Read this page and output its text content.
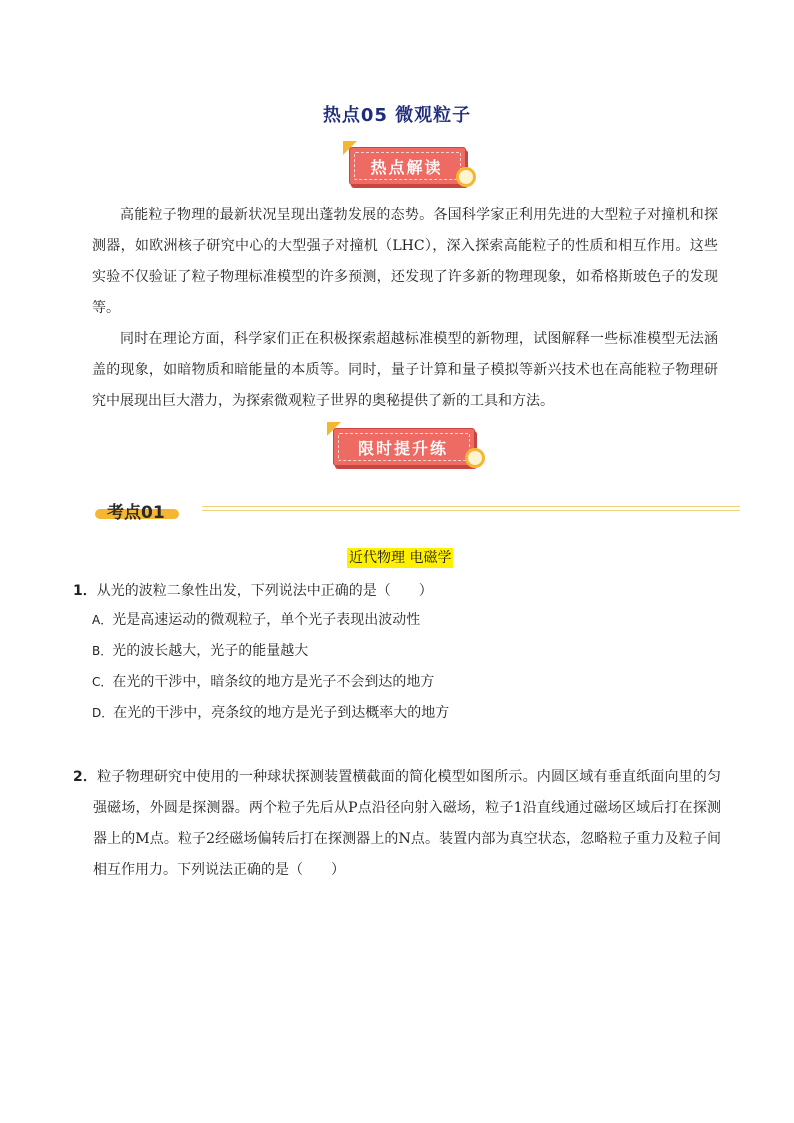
热点05 微观粒子
热点解读

高能粒子物理的最新状况呈现出蓬勃发展的态势。各国科学家正利用先进的大型粒子对撞机和探测器，如欧洲核子研究中心的大型强子对撞机（LHC），深入探索高能粒子的性质和相互作用。这些实验不仅验证了粒子物理标准模型的许多预测，还发现了许多新的物理现象，如希格斯玻色子的发现等。

同时在理论方面，科学家们正在积极探索超越标准模型的新物理，试图解释一些标准模型无法涵盖的现象，如暗物质和暗能量的本质等。同时，量子计算和量子模拟等新兴技术也在高能粒子物理研究中展现出巨大潜力，为探索微观粒子世界的奥秘提供了新的工具和方法。

限时提升练
考点01
近代物理 电磁学
1．从光的波粒二象性出发，下列说法中正确的是（　　）
A．光是高速运动的微观粒子，单个光子表现出波动性
B．光的波长越大，光子的能量越大
C．在光的干涉中，暗条纹的地方是光子不会到达的地方
D．在光的干涉中，亮条纹的地方是光子到达概率大的地方
2．粒子物理研究中使用的一种球状探测装置横截面的简化模型如图所示。内圆区域有垂直纸面向里的匀强磁场，外圆是探测器。两个粒子先后从P点沿径向射入磁场，粒子1沿直线通过磁场区域后打在探测器上的M点。粒子2经磁场偏转后打在探测器上的N点。装置内部为真空状态，忽略粒子重力及粒子间相互作用力。下列说法正确的是（　　）
